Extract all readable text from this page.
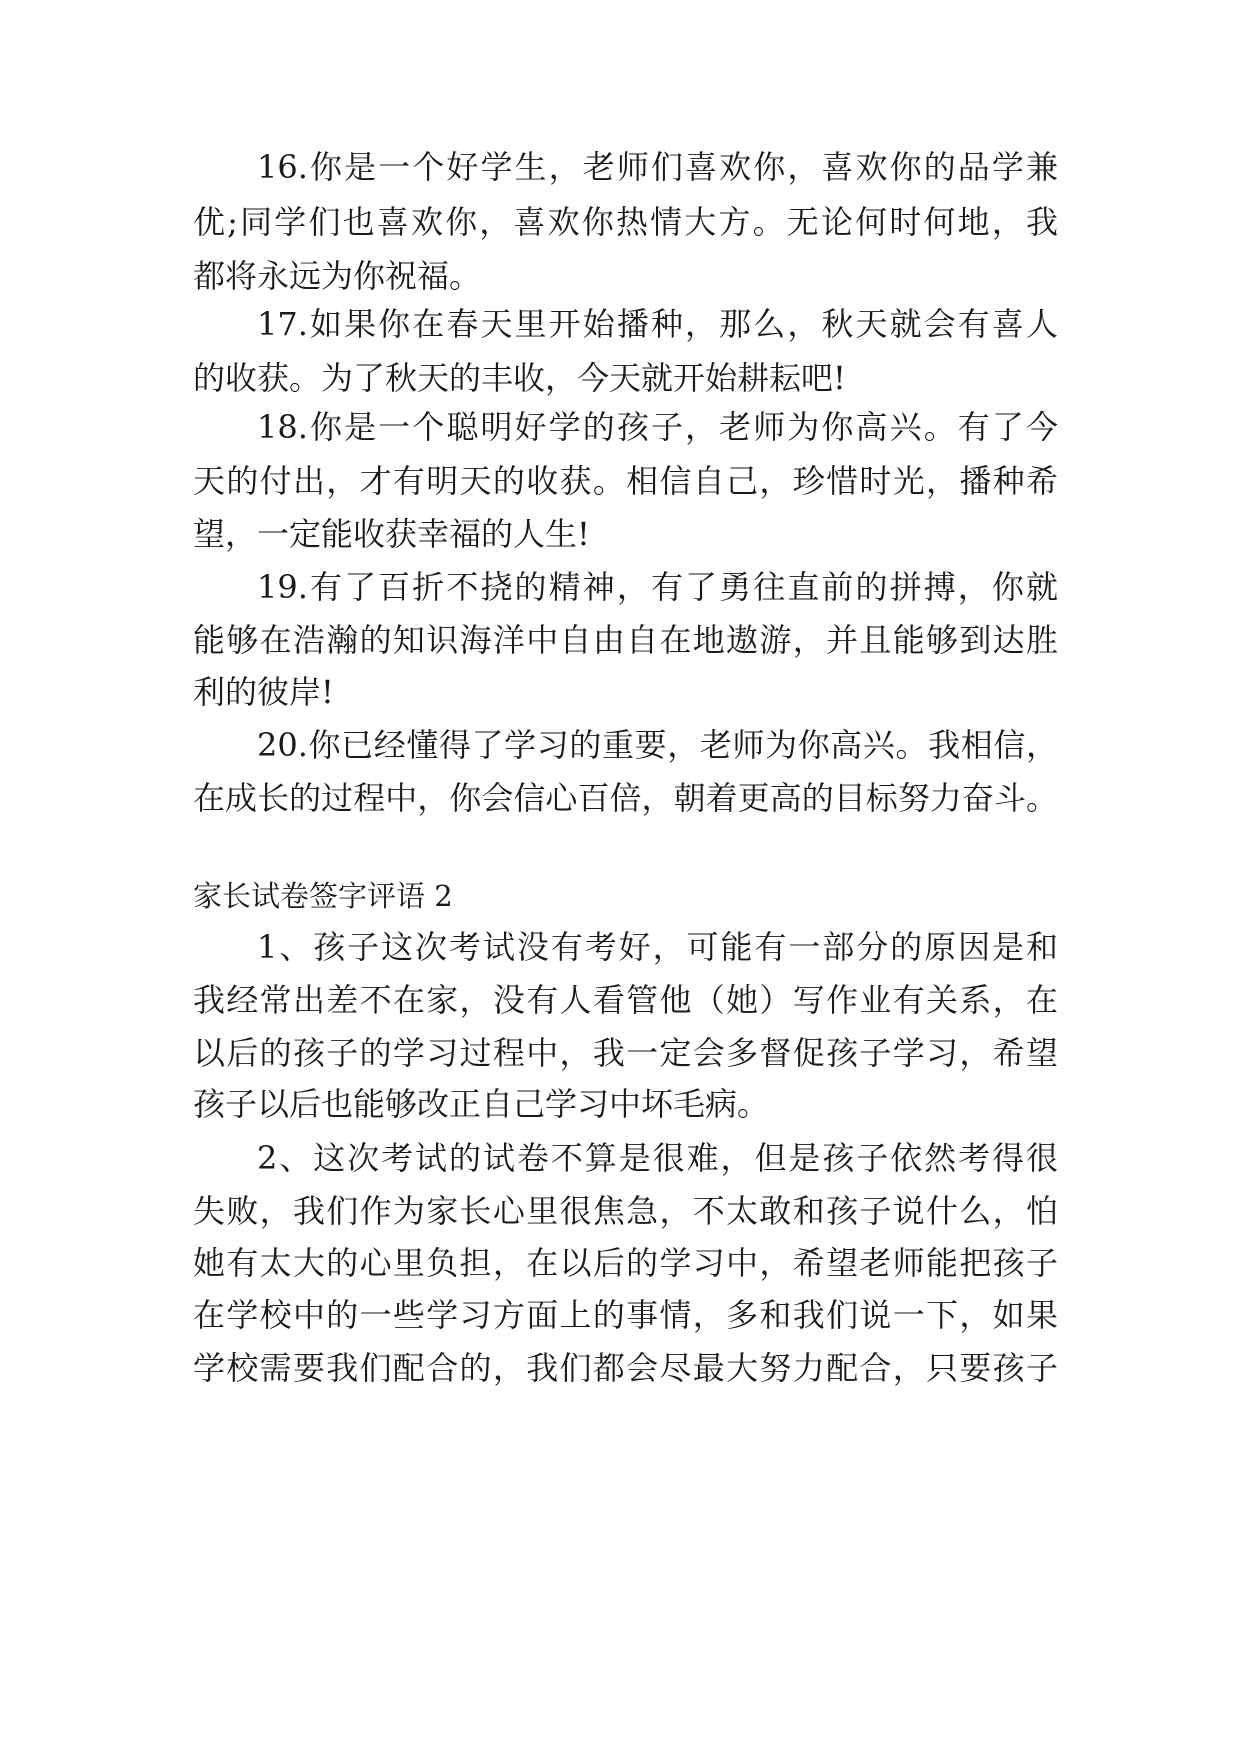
16.你是一个好学生，老师们喜欢你，喜欢你的品学兼
优;同学们也喜欢你，喜欢你热情大方。无论何时何地，我
都将永远为你祝福。
17.如果你在春天里开始播种，那么，秋天就会有喜人
的收获。为了秋天的丰收，今天就开始耕耘吧!
18.你是一个聪明好学的孩子，老师为你高兴。有了今
天的付出，才有明天的收获。相信自己，珍惜时光，播种希
望，一定能收获幸福的人生!
19.有了百折不挠的精神，有了勇往直前的拼搏，你就
能够在浩瀚的知识海洋中自由自在地遨游，并且能够到达胜
利的彼岸!
20.你已经懂得了学习的重要，老师为你高兴。我相信，
在成长的过程中，你会信心百倍，朝着更高的目标努力奋斗。
家长试卷签字评语 2
1、孩子这次考试没有考好，可能有一部分的原因是和
我经常出差不在家，没有人看管他（她）写作业有关系，在
以后的孩子的学习过程中，我一定会多督促孩子学习，希望
孩子以后也能够改正自己学习中坏毛病。
2、这次考试的试卷不算是很难，但是孩子依然考得很
失败，我们作为家长心里很焦急，不太敢和孩子说什么，怕
她有太大的心里负担，在以后的学习中，希望老师能把孩子
在学校中的一些学习方面上的事情，多和我们说一下，如果
学校需要我们配合的，我们都会尽最大努力配合，只要孩子
